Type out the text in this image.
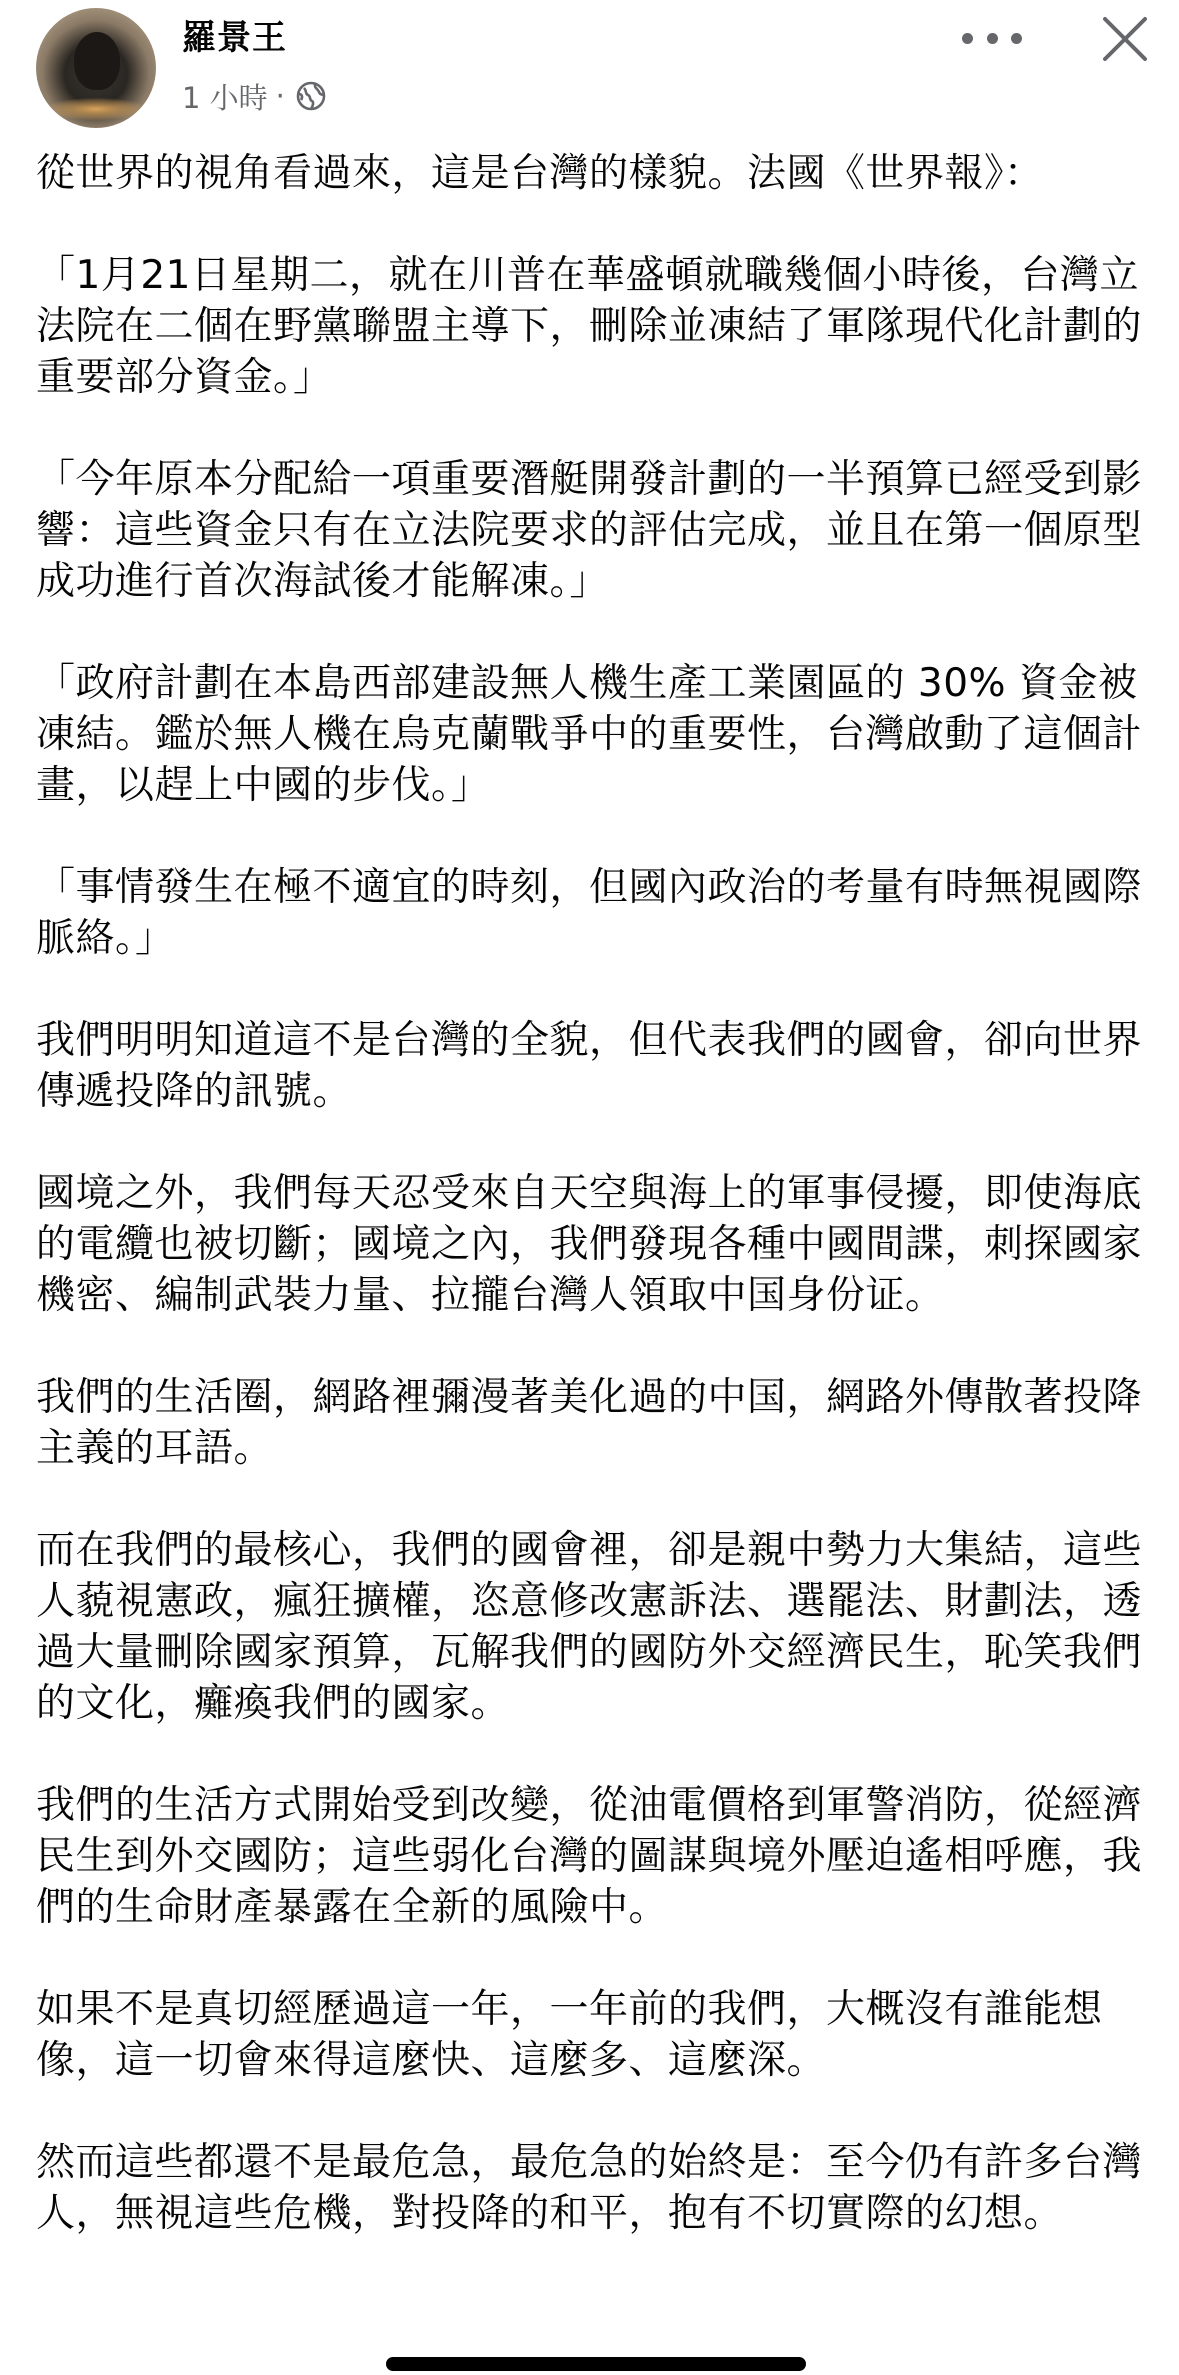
羅景王
1 小時 ·

從世界的視角看過來，這是台灣的樣貌。法國《世界報》：

「1月21日星期二，就在川普在華盛頓就職幾個小時後，台灣立法院在二個在野黨聯盟主導下，刪除並凍結了軍隊現代化計劃的重要部分資金。」

「今年原本分配給一項重要潛艇開發計劃的一半預算已經受到影響：這些資金只有在立法院要求的評估完成，並且在第一個原型成功進行首次海試後才能解凍。」

「政府計劃在本島西部建設無人機生產工業園區的 30% 資金被凍結。鑑於無人機在烏克蘭戰爭中的重要性，台灣啟動了這個計畫，以趕上中國的步伐。」

「事情發生在極不適宜的時刻，但國內政治的考量有時無視國際脈絡。」

我們明明知道這不是台灣的全貌，但代表我們的國會，卻向世界傳遞投降的訊號。

國境之外，我們每天忍受來自天空與海上的軍事侵擾，即使海底的電纜也被切斷；國境之內，我們發現各種中國間諜，刺探國家機密、編制武裝力量、拉攏台灣人領取中国身份证。

我們的生活圈，網路裡彌漫著美化過的中国，網路外傳散著投降主義的耳語。

而在我們的最核心，我們的國會裡，卻是親中勢力大集結，這些人藐視憲政，瘋狂擴權，恣意修改憲訴法、選罷法、財劃法，透過大量刪除國家預算，瓦解我們的國防外交經濟民生，恥笑我們的文化，癱瘓我們的國家。

我們的生活方式開始受到改變，從油電價格到軍警消防，從經濟民生到外交國防；這些弱化台灣的圖謀與境外壓迫遙相呼應，我們的生命財產暴露在全新的風險中。

如果不是真切經歷過這一年，一年前的我們，大概沒有誰能想像，這一切會來得這麼快、這麼多、這麼深。

然而這些都還不是最危急，最危急的始終是：至今仍有許多台灣人，無視這些危機，對投降的和平，抱有不切實際的幻想。
